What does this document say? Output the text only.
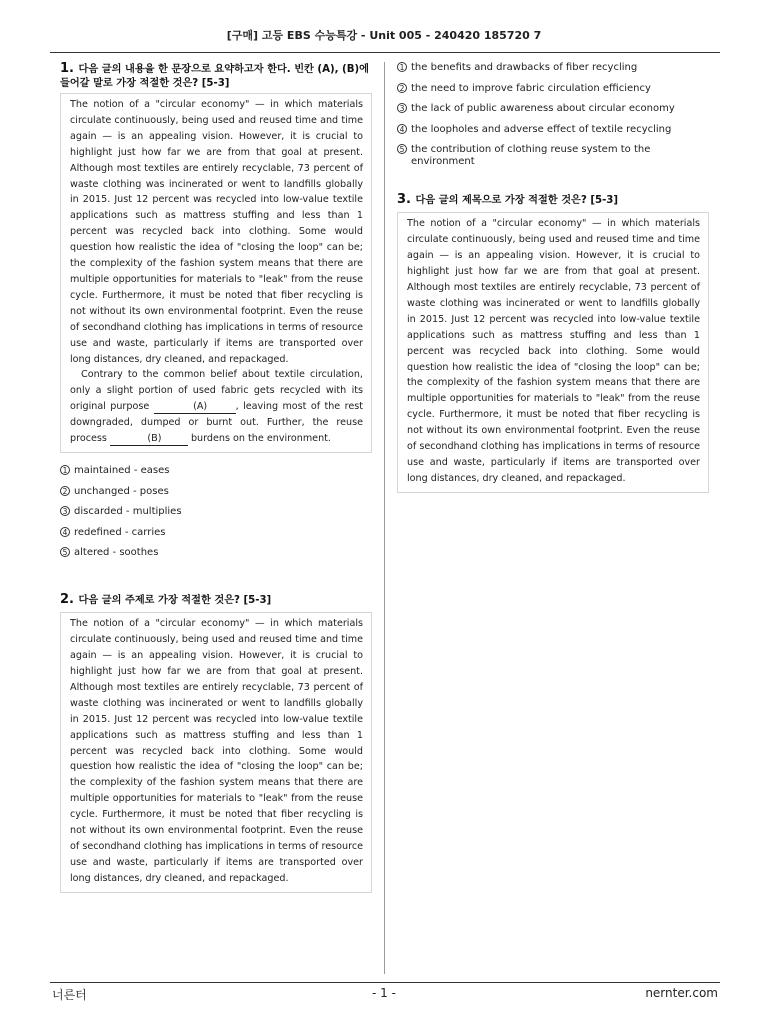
[구매] 고등 EBS 수능특강 - Unit 005 - 240420 185720 7
1. 다음 글의 내용을 한 문장으로 요약하고자 한다. 빈칸 (A), (B)에 들어갈 말로 가장 적절한 것은? [5-3]

The notion of a "circular economy" — in which materials circulate continuously, being used and reused time and time again — is an appealing vision. However, it is crucial to highlight just how far we are from that goal at present. Although most textiles are entirely recyclable, 73 percent of waste clothing was incinerated or went to landfills globally in 2015. Just 12 percent was recycled into low-value textile applications such as mattress stuffing and less than 1 percent was recycled back into clothing. Some would question how realistic the idea of "closing the loop" can be; the complexity of the fashion system means that there are multiple opportunities for materials to "leak" from the reuse cycle. Furthermore, it must be noted that fiber recycling is not without its own environmental footprint. Even the reuse of secondhand clothing has implications in terms of resource use and waste, particularly if items are transported over long distances, dry cleaned, and repackaged.

Contrary to the common belief about textile circulation, only a slight portion of used fabric gets recycled with its original purpose	(A)	, leaving most of the rest downgraded, dumped or burnt out. Further, the reuse process	(B)	burdens on the environment.

1 maintained - eases
2 unchanged - poses
3 discarded - multiplies
4 redefined - carries
5 altered - soothes
2. 다음 글의 주제로 가장 적절한 것은? [5-3]

The notion of a "circular economy" — in which materials circulate continuously, being used and reused time and time again — is an appealing vision. However, it is crucial to highlight just how far we are from that goal at present. Although most textiles are entirely recyclable, 73 percent of waste clothing was incinerated or went to landfills globally in 2015. Just 12 percent was recycled into low-value textile applications such as mattress stuffing and less than 1 percent was recycled back into clothing. Some would question how realistic the idea of "closing the loop" can be; the complexity of the fashion system means that there are multiple opportunities for materials to "leak" from the reuse cycle. Furthermore, it must be noted that fiber recycling is not without its own environmental footprint. Even the reuse of secondhand clothing has implications in terms of resource use and waste, particularly if items are transported over long distances, dry cleaned, and repackaged.

1 the benefits and drawbacks of fiber recycling
2 the need to improve fabric circulation efficiency
3 the lack of public awareness about circular economy
4 the loopholes and adverse effect of textile recycling
5 the contribution of clothing reuse system to the environment
3. 다음 글의 제목으로 가장 적절한 것은? [5-3]

The notion of a "circular economy" — in which materials circulate continuously, being used and reused time and time again — is an appealing vision. However, it is crucial to highlight just how far we are from that goal at present. Although most textiles are entirely recyclable, 73 percent of waste clothing was incinerated or went to landfills globally in 2015. Just 12 percent was recycled into low-value textile applications such as mattress stuffing and less than 1 percent was recycled back into clothing. Some would question how realistic the idea of "closing the loop" can be; the complexity of the fashion system means that there are multiple opportunities for materials to "leak" from the reuse cycle. Furthermore, it must be noted that fiber recycling is not without its own environmental footprint. Even the reuse of secondhand clothing has implications in terms of resource use and waste, particularly if items are transported over long distances, dry cleaned, and repackaged.

너른터	- 1 -	nernter.com
